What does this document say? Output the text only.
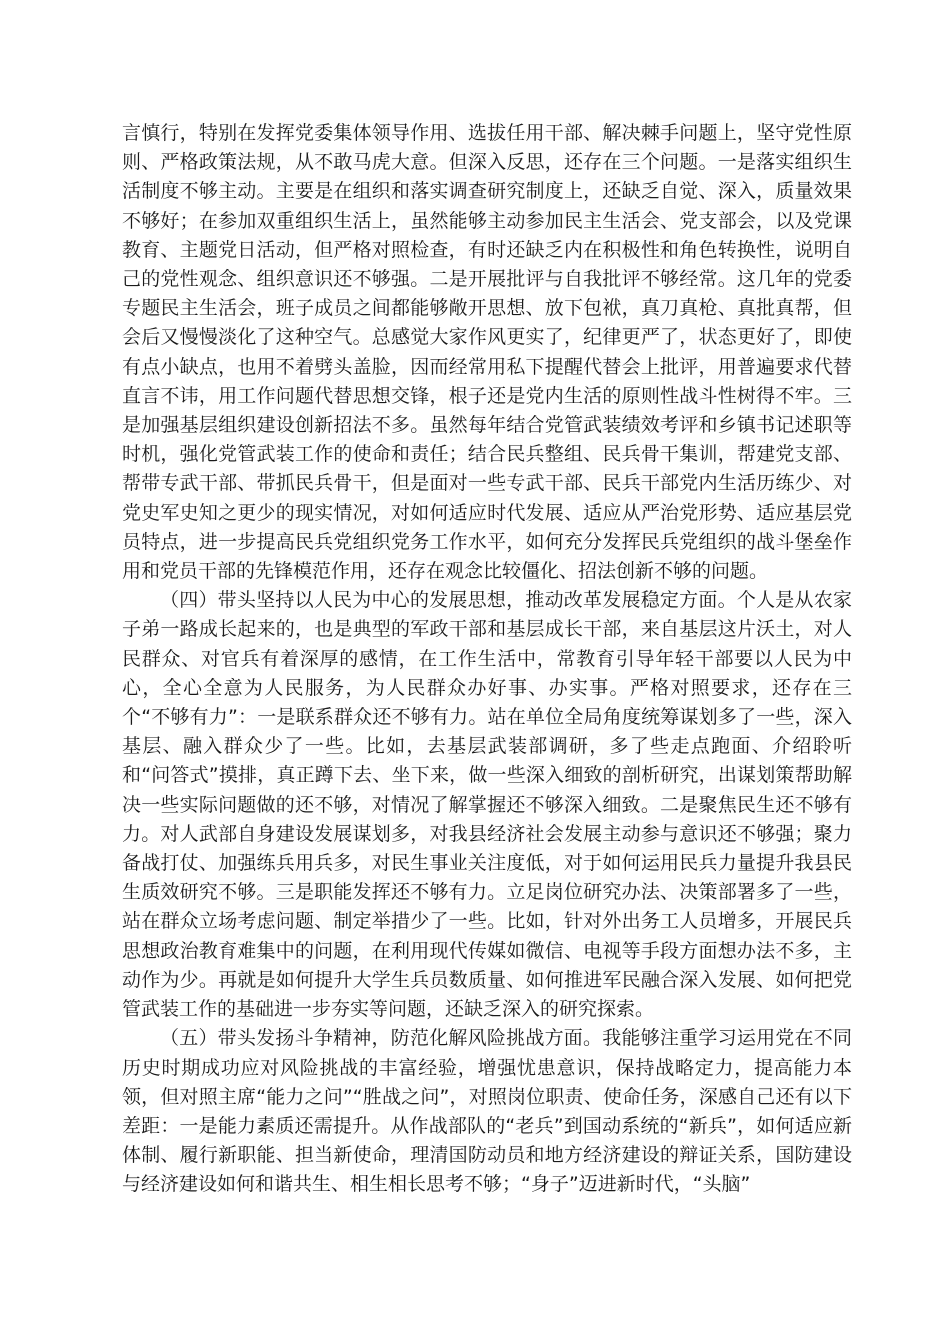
言慎行，特别在发挥党委集体领导作用、选拔任用干部、解决棘手问题上，坚守党性原则、严格政策法规，从不敢马虎大意。但深入反思，还存在三个问题。一是落实组织生活制度不够主动。主要是在组织和落实调查研究制度上，还缺乏自觉、深入，质量效果不够好；在参加双重组织生活上，虽然能够主动参加民主生活会、党支部会，以及党课教育、主题党日活动，但严格对照检查，有时还缺乏内在积极性和角色转换性，说明自己的党性观念、组织意识还不够强。二是开展批评与自我批评不够经常。这几年的党委专题民主生活会，班子成员之间都能够敞开思想、放下包袱，真刀真枪、真批真帮，但会后又慢慢淡化了这种空气。总感觉大家作风更实了，纪律更严了，状态更好了，即使有点小缺点，也用不着劈头盖脸，因而经常用私下提醒代替会上批评，用普遍要求代替直言不讳，用工作问题代替思想交锋，根子还是党内生活的原则性战斗性树得不牢。三是加强基层组织建设创新招法不多。虽然每年结合党管武装绩效考评和乡镇书记述职等时机，强化党管武装工作的使命和责任；结合民兵整组、民兵骨干集训，帮建党支部、帮带专武干部、带抓民兵骨干，但是面对一些专武干部、民兵干部党内生活历练少、对党史军史知之更少的现实情况，对如何适应时代发展、适应从严治党形势、适应基层党员特点，进一步提高民兵党组织党务工作水平，如何充分发挥民兵党组织的战斗堡垒作用和党员干部的先锋模范作用，还存在观念比较僵化、招法创新不够的问题。

（四）带头坚持以人民为中心的发展思想，推动改革发展稳定方面。个人是从农家子弟一路成长起来的，也是典型的军政干部和基层成长干部，来自基层这片沃土，对人民群众、对官兵有着深厚的感情，在工作生活中，常教育引导年轻干部要以人民为中心，全心全意为人民服务，为人民群众办好事、办实事。严格对照要求，还存在三个“不够有力”：一是联系群众还不够有力。站在单位全局角度统筹谋划多了一些，深入基层、融入群众少了一些。比如，去基层武装部调研，多了些走点跑面、介绍聆听和“问答式”摸排，真正蹲下去、坐下来，做一些深入细致的剖析研究，出谋划策帮助解决一些实际问题做的还不够，对情况了解掌握还不够深入细致。二是聚焦民生还不够有力。对人武部自身建设发展谋划多，对我县经济社会发展主动参与意识还不够强；聚力备战打仗、加强练兵用兵多，对民生事业关注度低，对于如何运用民兵力量提升我县民生质效研究不够。三是职能发挥还不够有力。立足岗位研究办法、决策部署多了一些，站在群众立场考虑问题、制定举措少了一些。比如，针对外出务工人员增多，开展民兵思想政治教育难集中的问题，在利用现代传媒如微信、电视等手段方面想办法不多，主动作为少。再就是如何提升大学生兵员数质量、如何推进军民融合深入发展、如何把党管武装工作的基础进一步夯实等问题，还缺乏深入的研究探索。

（五）带头发扬斗争精神，防范化解风险挑战方面。我能够注重学习运用党在不同历史时期成功应对风险挑战的丰富经验，增强忧患意识，保持战略定力，提高能力本领，但对照主席“能力之问”“胜战之问”，对照岗位职责、使命任务，深感自己还有以下差距：一是能力素质还需提升。从作战部队的“老兵”到国动系统的“新兵”，如何适应新体制、履行新职能、担当新使命，理清国防动员和地方经济建设的辩证关系，国防建设与经济建设如何和谐共生、相生相长思考不够；“身子”迈进新时代，“头脑”
